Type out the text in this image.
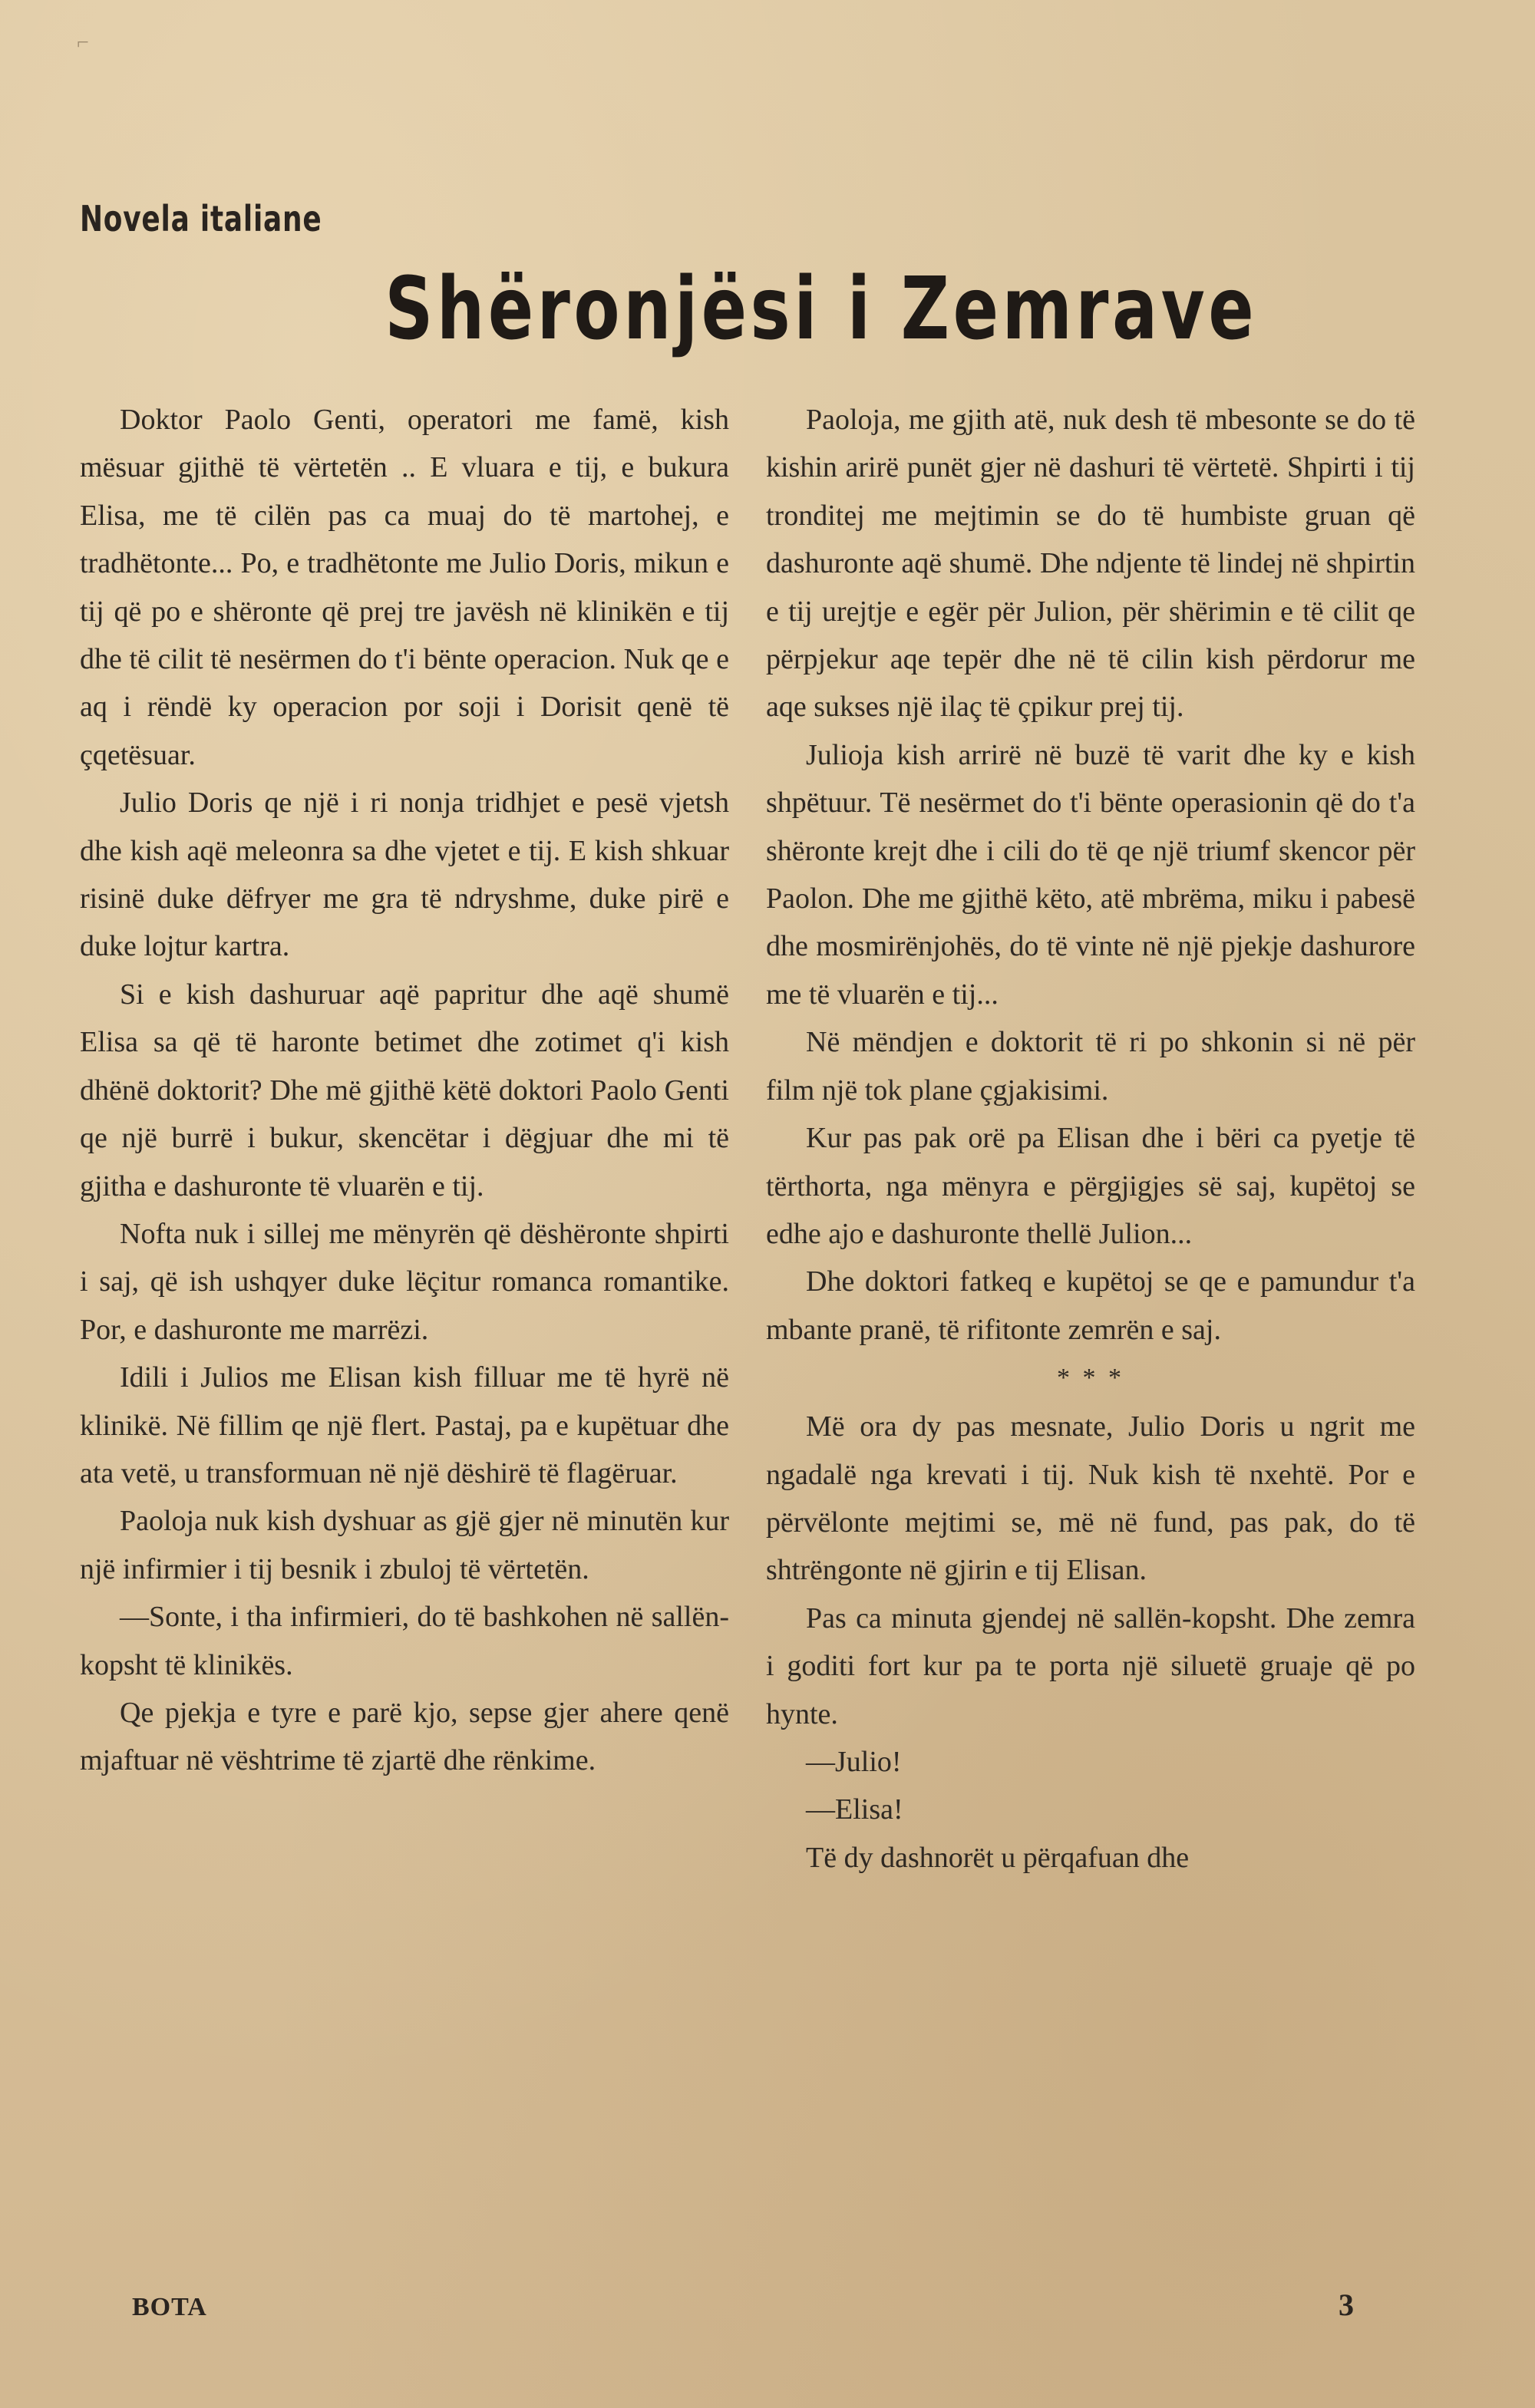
⌐
Novela italiane
Shëronjësi i Zemrave

Doktor Paolo Genti, operatori me famë, kish mësuar gjithë të vërtetën .. E vluara e tij, e bukura Elisa, me të cilën pas ca muaj do të martohej, e tradhëtonte... Po, e tradhëtonte me Julio Doris, mikun e tij që po e shëronte që prej tre javësh në klinikën e tij dhe të cilit të nesërmen do t'i bënte operacion. Nuk qe e aq i rëndë ky operacion por soji i Dorisit qenë të çqetësuar.

Julio Doris qe një i ri nonja tridhjet e pesë vjetsh dhe kish aqë meleonra sa dhe vjetet e tij. E kish shkuar risinë duke dëfryer me gra të ndryshme, duke pirë e duke lojtur kartra.

Si e kish dashuruar aqë papritur dhe aqë shumë Elisa sa që të haronte betimet dhe zotimet q'i kish dhënë doktorit? Dhe më gjithë këtë doktori Paolo Genti qe një burrë i bukur, skencëtar i dëgjuar dhe mi të gjitha e dashuronte të vluarën e tij.

Nofta nuk i sillej me mënyrën që dëshëronte shpirti i saj, që ish ushqyer duke lëçitur romanca romantike. Por, e dashuronte me marrëzi.

Idili i Julios me Elisan kish filluar me të hyrë në klinikë. Në fillim qe një flert. Pastaj, pa e kupëtuar dhe ata vetë, u transformuan në një dëshirë të flagëruar.

Paoloja nuk kish dyshuar as gjë gjer në minutën kur një infirmier i tij besnik i zbuloj të vërtetën.

—Sonte, i tha infirmieri, do të bashkohen në sallën-kopsht të klinikës.

Qe pjekja e tyre e parë kjo, sepse gjer ahere qenë mjaftuar në vështrime të zjartë dhe rënkime.

Paoloja, me gjith atë, nuk desh të mbesonte se do të kishin arirë punët gjer në dashuri të vërtetë. Shpirti i tij tronditej me mejtimin se do të humbiste gruan që dashuronte aqë shumë. Dhe ndjente të lindej në shpirtin e tij urejtje e egër për Julion, për shërimin e të cilit qe përpjekur aqe tepër dhe në të cilin kish përdorur me aqe sukses një ilaç të çpikur prej tij.

Julioja kish arrirë në buzë të varit dhe ky e kish shpëtuur. Të nesërmet do t'i bënte operasionin që do t'a shëronte krejt dhe i cili do të qe një triumf skencor për Paolon. Dhe me gjithë këto, atë mbrëma, miku i pabesë dhe mosmirënjohës, do të vinte në një pjekje dashurore me të vluarën e tij...

Në mëndjen e doktorit të ri po shkonin si në për film një tok plane çgjakisimi.

Kur pas pak orë pa Elisan dhe i bëri ca pyetje të tërthorta, nga mënyra e përgjigjes së saj, kupëtoj se edhe ajo e dashuronte thellë Julion...

Dhe doktori fatkeq e kupëtoj se qe e pamundur t'a mbante pranë, të rifitonte zemrën e saj.

* * *

Më ora dy pas mesnate, Julio Doris u ngrit me ngadalë nga krevati i tij. Nuk kish të nxehtë. Por e përvëlonte mejtimi se, më në fund, pas pak, do të shtrëngonte në gjirin e tij Elisan.

Pas ca minuta gjendej në sallën-kopsht. Dhe zemra i goditi fort kur pa te porta një siluetë gruaje që po hynte.

—Julio!

—Elisa!

Të dy dashnorët u përqafuan dhe

BOTA	3
